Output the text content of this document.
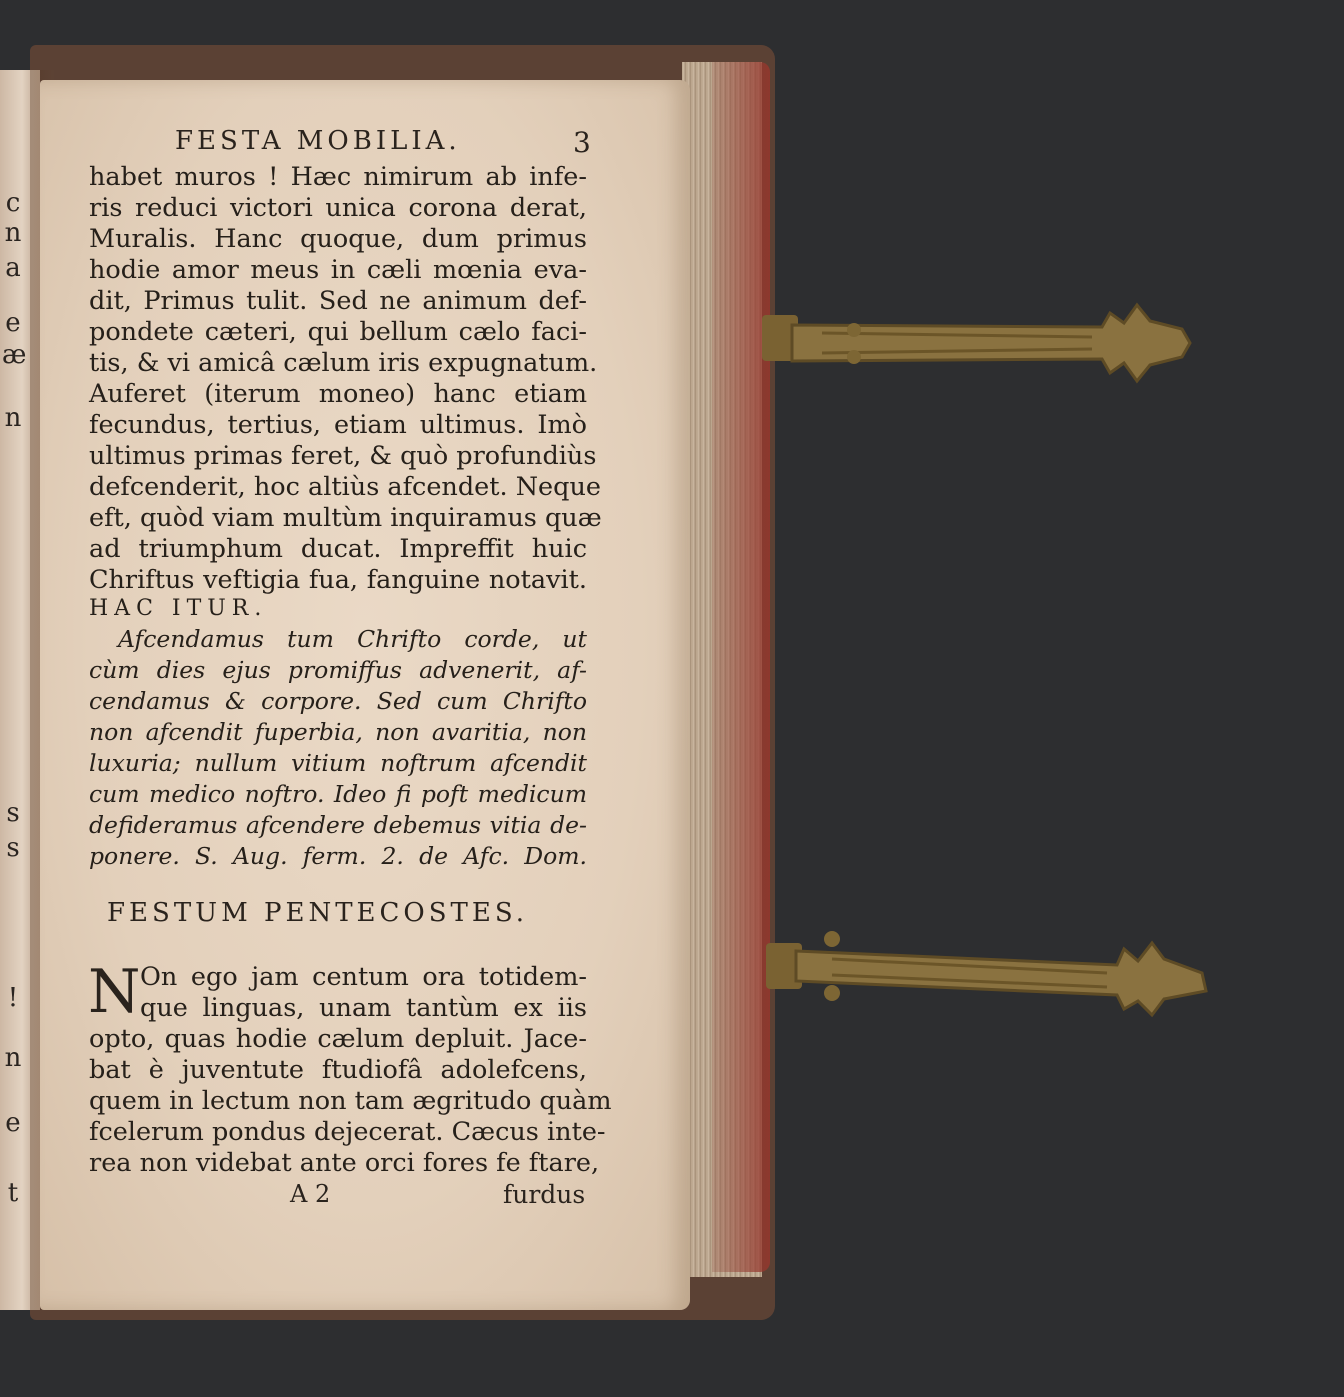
c
n
a
e
æ
n
s
s
!
n
e
t
FESTA MOBILIA.	3
habet muros ! Hæc nimirum ab infe-
ris reduci victori unica corona derat,
Muralis. Hanc quoque, dum primus
hodie amor meus in cæli mœnia eva-
dit, Primus tulit. Sed ne animum def-
pondete cæteri, qui bellum cælo faci-
tis, & vi amicâ cælum iris expugnatum.
Auferet (iterum moneo) hanc etiam
fecundus, tertius, etiam ultimus. Imò
ultimus primas feret, & quò profundiùs
defcenderit, hoc altiùs afcendet. Neque
eft, quòd viam multùm inquiramus quæ
ad triumphum ducat. Impreffit huic
Chriftus veftigia fua, fanguine notavit.
HAC ITUR.
Afcendamus tum Chrifto corde, ut
cùm dies ejus promiffus advenerit, af-
cendamus & corpore. Sed cum Chrifto
non afcendit fuperbia, non avaritia, non
luxuria; nullum vitium noftrum afcendit
cum medico noftro. Ideo fi poft medicum
defideramus afcendere debemus vitia de-
ponere. S. Aug. ferm. 2. de Afc. Dom.
FESTUM PENTECOSTES.
N On ego jam centum ora totidem-
que linguas, unam tantùm ex iis
opto, quas hodie cælum depluit. Jace-
bat è juventute ftudiofâ adolefcens,
quem in lectum non tam ægritudo quàm
fcelerum pondus dejecerat. Cæcus inte-
rea non videbat ante orci fores fe ftare,
A 2	furdus
